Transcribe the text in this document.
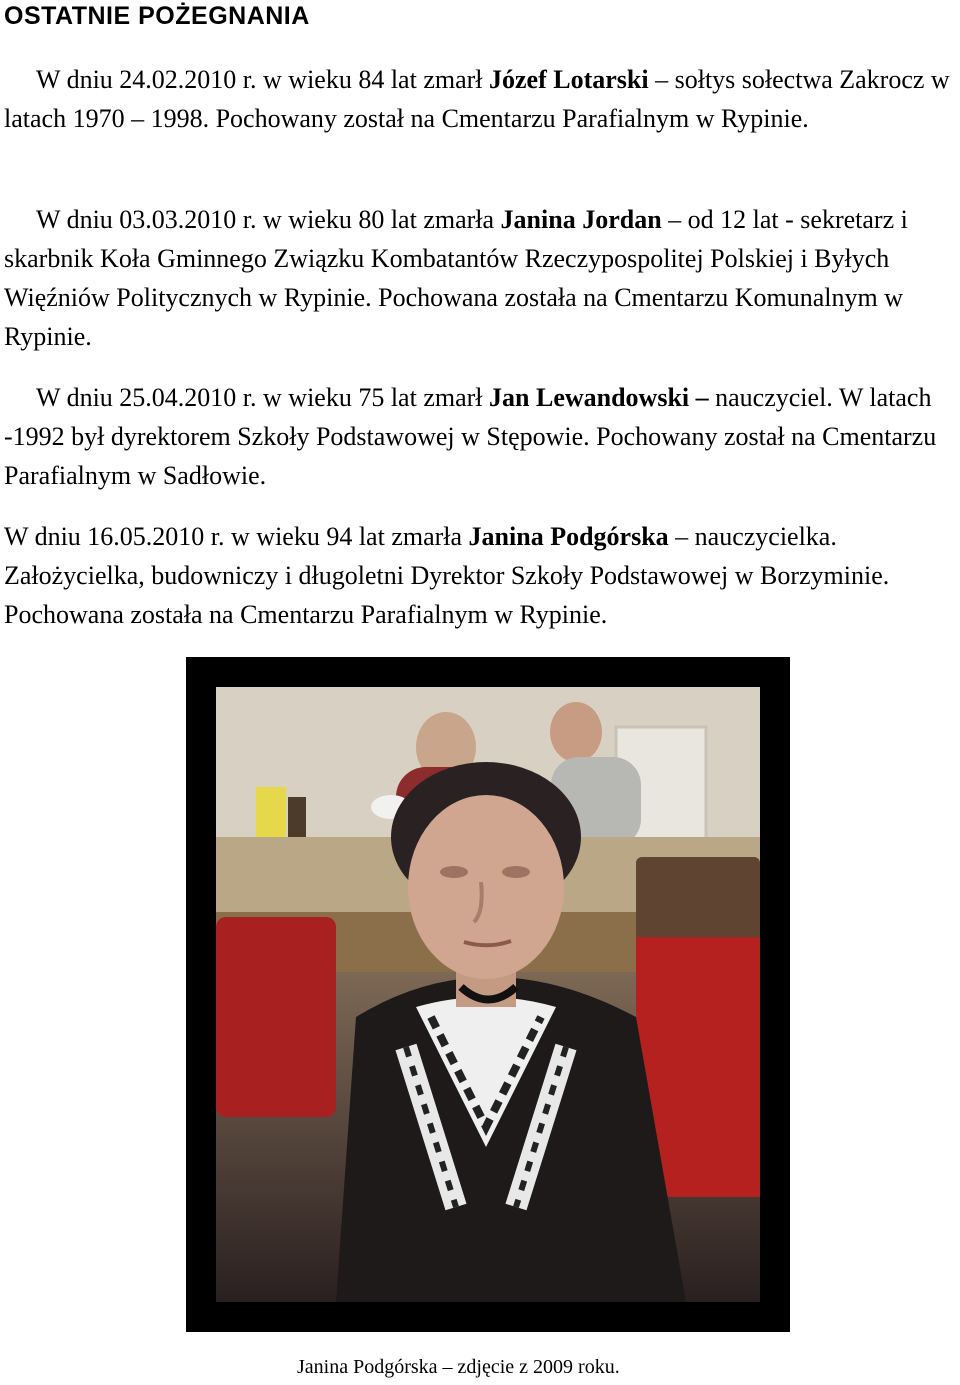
OSTATNIE POŻEGNANIA
W dniu 24.02.2010 r. w wieku 84 lat zmarł Józef Lotarski – sołtys sołectwa Zakrocz w latach 1970 – 1998. Pochowany został na Cmentarzu Parafialnym w Rypinie.
W dniu 03.03.2010 r. w wieku 80 lat zmarła Janina Jordan – od 12 lat - sekretarz i skarbnik Koła Gminnego Związku Kombatantów Rzeczypospolitej Polskiej i Byłych Więźniów Politycznych w Rypinie. Pochowana została na Cmentarzu Komunalnym w Rypinie.
W dniu 25.04.2010 r. w wieku 75 lat zmarł Jan Lewandowski – nauczyciel. W latach -1992 był dyrektorem Szkoły Podstawowej w Stępowie. Pochowany został na Cmentarzu Parafialnym w Sadłowie.
W dniu 16.05.2010 r. w wieku 94 lat zmarła Janina Podgórska – nauczycielka. Założycielka, budowniczy i długoletni Dyrektor Szkoły Podstawowej w Borzyminie. Pochowana została na Cmentarzu Parafialnym w Rypinie.
Janina Podgórska – zdjęcie z 2009 roku.
